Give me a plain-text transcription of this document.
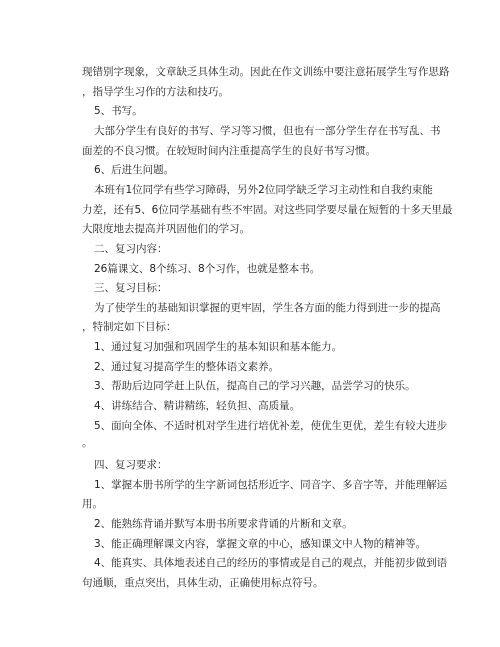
现错别字现象，文章缺乏具体生动。因此在作文训练中要注意拓展学生写作思路
，指导学生习作的方法和技巧。
5、书写。
大部分学生有良好的书写、学习等习惯，但也有一部分学生存在书写乱、书
面差的不良习惯。在较短时间内注重提高学生的良好书写习惯。
6、后进生问题。
本班有1位同学有些学习障碍，另外2位同学缺乏学习主动性和自我约束能
力差，还有5、6位同学基础有些不牢固。对这些同学要尽量在短暂的十多天里最
大限度地去提高并巩固他们的学习。
二、复习内容：
26篇课文、8个练习、8个习作，也就是整本书。
三、复习目标：
为了使学生的基础知识掌握的更牢固，学生各方面的能力得到进一步的提高
，特制定如下目标：
1、通过复习加强和巩固学生的基本知识和基本能力。
2、通过复习提高学生的整体语文素养。
3、帮助后边同学赶上队伍，提高自己的学习兴趣，品尝学习的快乐。
4、讲练结合、精讲精练，轻负担、高质量。
5、面向全体、不适时机对学生进行培优补差，使优生更优，差生有较大进步
。
四、复习要求：
1、掌握本册书所学的生字新词包括形近字、同音字、多音字等，并能理解运
用。
2、能熟练背诵并默写本册书所要求背诵的片断和文章。
3、能正确理解课文内容，掌握文章的中心，感知课文中人物的精神等。
4、能真实、具体地表述自己的经历的事情或是自己的观点，并能初步做到语
句通顺，重点突出，具体生动，正确使用标点符号。
